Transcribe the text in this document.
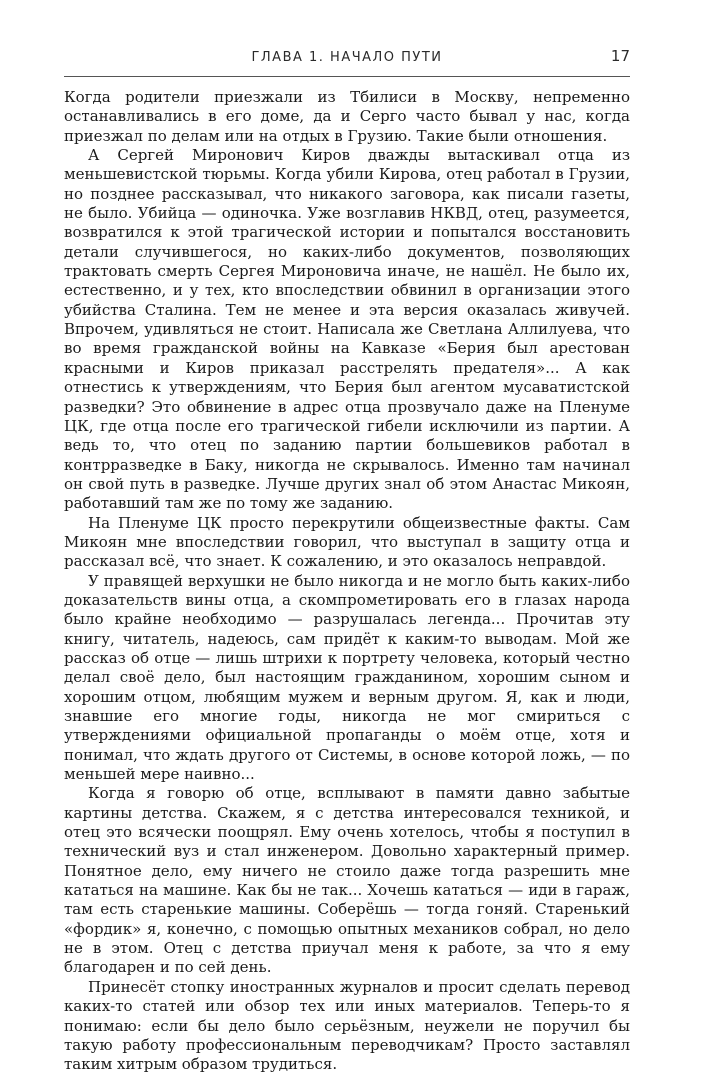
ГЛАВА 1. НАЧАЛО ПУТИ	17

Когда родители приезжали из Тбилиси в Москву, непременно останавливались в его доме, да и Серго часто бывал у нас, когда приезжал по делам или на отдых в Грузию. Такие были отношения.

А Сергей Миронович Киров дважды вытаскивал отца из меньшевистской тюрьмы. Когда убили Кирова, отец работал в Грузии, но позднее рассказывал, что никакого заговора, как писали газеты, не было. Убийца — одиночка. Уже возглавив НКВД, отец, разумеется, возвратился к этой трагической истории и попытался восстановить детали случившегося, но каких-либо документов, позволяющих трактовать смерть Сергея Мироновича иначе, не нашёл. Не было их, естественно, и у тех, кто впоследствии обвинил в организации этого убийства Сталина. Тем не менее и эта версия оказалась живучей. Впрочем, удивляться не стоит. Написала же Светлана Аллилуева, что во время гражданской войны на Кавказе «Берия был арестован красными и Киров приказал расстрелять предателя»... А как отнестись к утверждениям, что Берия был агентом мусаватистской разведки? Это обвинение в адрес отца прозвучало даже на Пленуме ЦК, где отца после его трагической гибели исключили из партии. А ведь то, что отец по заданию партии большевиков работал в контрразведке в Баку, никогда не скрывалось. Именно там начинал он свой путь в разведке. Лучше других знал об этом Анастас Микоян, работавший там же по тому же заданию.

На Пленуме ЦК просто перекрутили общеизвестные факты. Сам Микоян мне впоследствии говорил, что выступал в защиту отца и рассказал всё, что знает. К сожалению, и это оказалось неправдой.

У правящей верхушки не было никогда и не могло быть каких-либо доказательств вины отца, а скомпрометировать его в глазах народа было крайне необходимо — разрушалась легенда... Прочитав эту книгу, читатель, надеюсь, сам придёт к каким-то выводам. Мой же рассказ об отце — лишь штрихи к портрету человека, который честно делал своё дело, был настоящим гражданином, хорошим сыном и хорошим отцом, любящим мужем и верным другом. Я, как и люди, знавшие его многие годы, никогда не мог смириться с утверждениями официальной пропаганды о моём отце, хотя и понимал, что ждать другого от Системы, в основе которой ложь, — по меньшей мере наивно...

Когда я говорю об отце, всплывают в памяти давно забытые картины детства. Скажем, я с детства интересовался техникой, и отец это всячески поощрял. Ему очень хотелось, чтобы я поступил в технический вуз и стал инженером. Довольно характерный пример. Понятное дело, ему ничего не стоило даже тогда разрешить мне кататься на машине. Как бы не так... Хочешь кататься — иди в гараж, там есть старенькие машины. Соберёшь — тогда гоняй. Старенький «фордик» я, конечно, с помощью опытных механиков собрал, но дело не в этом. Отец с детства приучал меня к работе, за что я ему благодарен и по сей день.

Принесёт стопку иностранных журналов и просит сделать перевод каких-то статей или обзор тех или иных материалов. Теперь-то я понимаю: если бы дело было серьёзным, неужели не поручил бы такую работу профессиональным переводчикам? Просто заставлял таким хитрым образом трудиться.
